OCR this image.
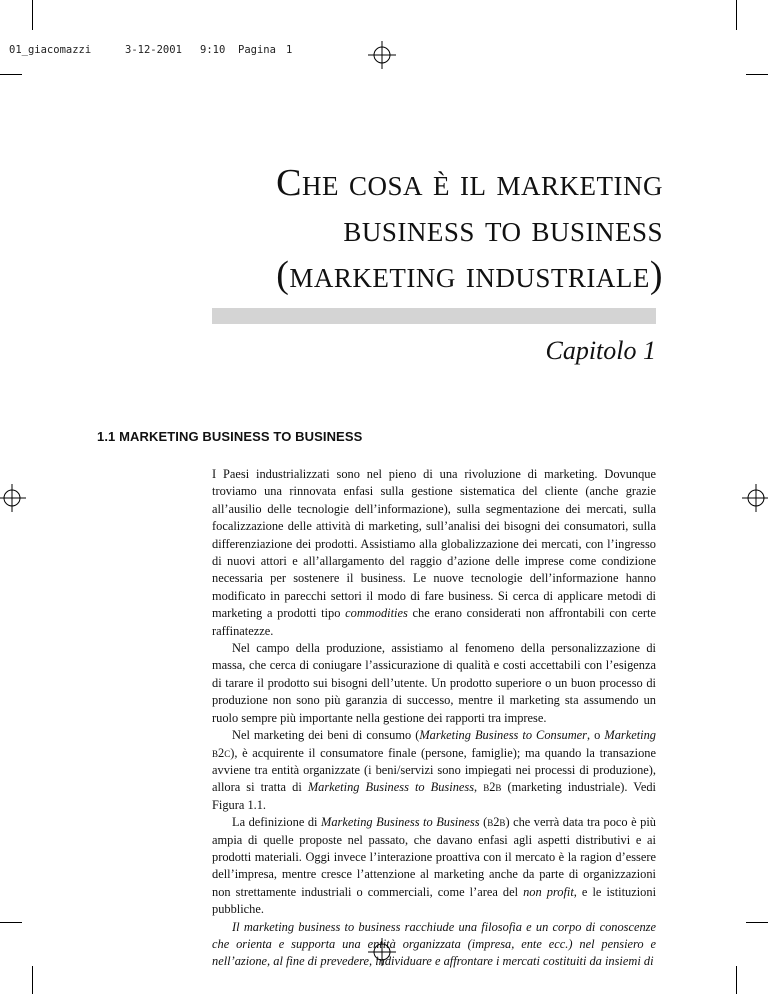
01_giacomazzi

	3-12-2001

9:10

Pagina

1

Che cosa è il marketing
business to business
(marketing industriale)
Capitolo 1
1.1 MARKETING BUSINESS TO BUSINESS

I Paesi industrializzati sono nel pieno di una rivoluzione di marketing. Dovunque troviamo una rinnovata enfasi sulla gestione sistematica del cliente (anche grazie all’ausilio delle tecnologie dell’informazione), sulla segmentazione dei mercati, sulla focalizzazione delle attività di marketing, sull’analisi dei bisogni dei consumatori, sulla differenziazione dei prodotti. Assistiamo alla globalizzazione dei mercati, con l’ingresso di nuovi attori e all’allargamento del raggio d’azione delle imprese come condizione necessaria per sostenere il business. Le nuove tecnologie dell’informazione hanno modificato in parecchi settori il modo di fare business. Si cerca di applicare metodi di marketing a prodotti tipo commodities che erano considerati non affrontabili con certe raffinatezze.

Nel campo della produzione, assistiamo al fenomeno della personalizzazione di massa, che cerca di coniugare l’assicurazione di qualità e costi accettabili con l’esigenza di tarare il prodotto sui bisogni dell’utente. Un prodotto superiore o un buon processo di produzione non sono più garanzia di successo, mentre il marketing sta assumendo un ruolo sempre più importante nella gestione dei rapporti tra imprese.

Nel marketing dei beni di consumo (Marketing Business to Consumer, o Marketing b2c), è acquirente il consumatore finale (persone, famiglie); ma quando la transazione avviene tra entità organizzate (i beni/servizi sono impiegati nei processi di produzione), allora si tratta di Marketing Business to Business, b2b (marketing industriale). Vedi Figura 1.1.

La definizione di Marketing Business to Business (b2b) che verrà data tra poco è più ampia di quelle proposte nel passato, che davano enfasi agli aspetti distributivi e ai prodotti materiali. Oggi invece l’interazione proattiva con il mercato è la ragion d’essere dell’impresa, mentre cresce l’attenzione al marketing anche da parte di organizzazioni non strettamente industriali o commerciali, come l’area del non profit, e le istituzioni pubbliche.

Il marketing business to business racchiude una filosofia e un corpo di conoscenze che orienta e supporta una entità organizzata (impresa, ente ecc.) nel pensiero e nell’azione, al fine di prevedere, individuare e affrontare i mercati costituiti da insiemi di
